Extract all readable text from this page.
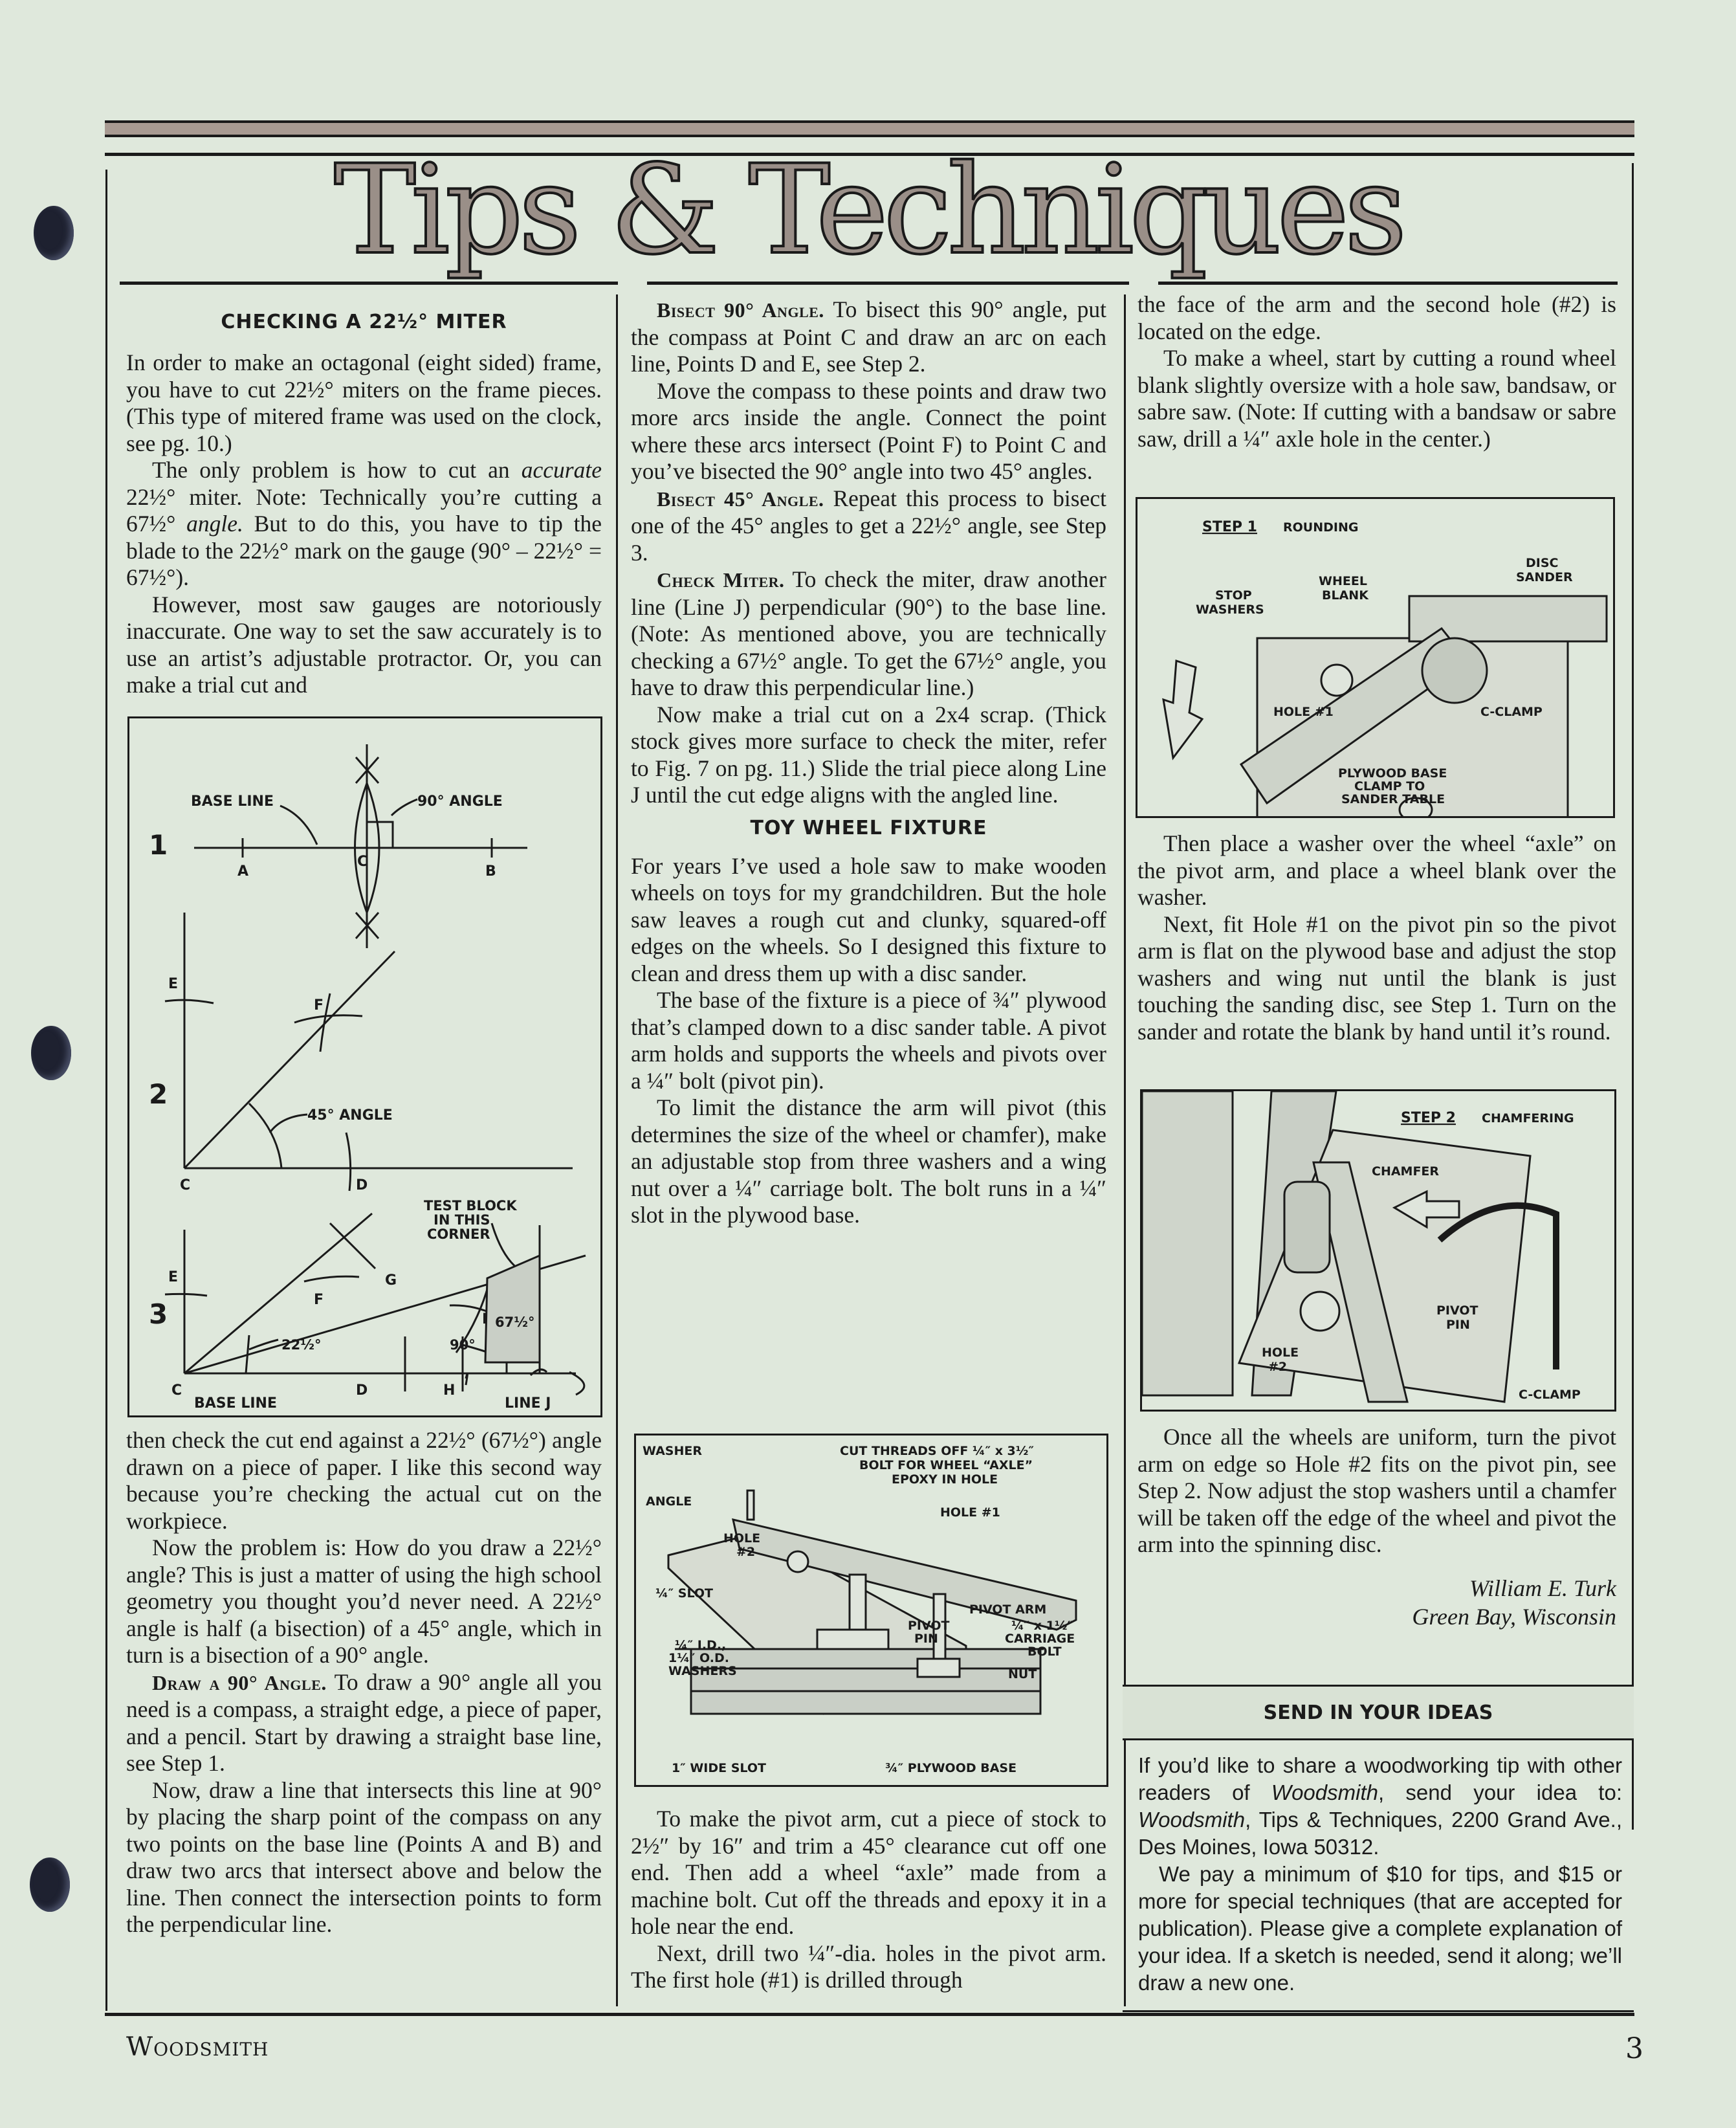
Tips & Techniques
CHECKING A 22½° MITER

In order to make an octagonal (eight sided) frame, you have to cut 22½° miters on the frame pieces. (This type of mitered frame was used on the clock, see pg. 10.)

The only problem is how to cut an accurate 22½° miter. Note: Technically you’re cutting a 67½° angle. But to do this, you have to tip the blade to the 22½° mark on the gauge (90° – 22½° = 67½°).

However, most saw gauges are notoriously inaccurate. One way to set the saw accurately is to use an artist’s adjustable protractor. Or, you can make a trial cut and

1
BASE LINE	90° ANGLE
A	B
C
2
E
F
C	D
45° ANGLE
3
E
F
G
I
C	D	H
TEST BLOCK
IN THIS
CORNER
67½°
22½°	90°
BASE LINE	LINE J

then check the cut end against a 22½° (67½°) angle drawn on a piece of paper. I like this second way because you’re checking the actual cut on the workpiece.

Now the problem is: How do you draw a 22½° angle? This is just a matter of using the high school geometry you thought you’d never need. A 22½° angle is half (a bisection) of a 45° angle, which in turn is a bisection of a 90° angle.

Draw a 90° Angle. To draw a 90° angle all you need is a compass, a straight edge, a piece of paper, and a pencil. Start by drawing a straight base line, see Step 1.

Now, draw a line that intersects this line at 90° by placing the sharp point of the compass on any two points on the base line (Points A and B) and draw two arcs that intersect above and below the line. Then connect the intersection points to form the perpendicular line.

Bisect 90° Angle. To bisect this 90° angle, put the compass at Point C and draw an arc on each line, Points D and E, see Step 2.

Move the compass to these points and draw two more arcs inside the angle. Connect the point where these arcs intersect (Point F) to Point C and you’ve bisected the 90° angle into two 45° angles.

Bisect 45° Angle. Repeat this process to bisect one of the 45° angles to get a 22½° angle, see Step 3.

Check Miter. To check the miter, draw another line (Line J) perpendicular (90°) to the base line. (Note: As mentioned above, you are technically checking a 67½° angle. To get the 67½° angle, you have to draw this perpendicular line.)

Now make a trial cut on a 2x4 scrap. (Thick stock gives more surface to check the miter, refer to Fig. 7 on pg. 11.) Slide the trial piece along Line J until the cut edge aligns with the angled line.

TOY WHEEL FIXTURE

For years I’ve used a hole saw to make wooden wheels on toys for my grandchildren. But the hole saw leaves a rough cut and clunky, squared-off edges on the wheels. So I designed this fixture to clean and dress them up with a disc sander.

The base of the fixture is a piece of ¾″ plywood that’s clamped down to a disc sander table. A pivot arm holds and supports the wheels and pivots over a ¼″ bolt (pivot pin).

To limit the distance the arm will pivot (this determines the size of the wheel or chamfer), make an adjustable stop from three washers and a wing nut over a ¼″ carriage bolt. The bolt runs in a ¼″ slot in the plywood base.

WASHER	CUT THREADS OFF ¼″ x 3½″
BOLT FOR WHEEL “AXLE”
EPOXY IN HOLE
ANGLE
HOLE #1
HOLE
#2
¼″ SLOT
PIVOT ARM
PIVOT
PIN
¼″ x 1½″
CARRIAGE
BOLT
¼″ I.D.,
1¼″ O.D.
WASHERS	NUT
1″ WIDE SLOT	¾″ PLYWOOD BASE

To make the pivot arm, cut a piece of stock to 2½″ by 16″ and trim a 45° clearance cut off one end. Then add a wheel “axle” made from a machine bolt. Cut off the threads and epoxy it in a hole near the end.

Next, drill two ¼″-dia. holes in the pivot arm. The first hole (#1) is drilled through

the face of the arm and the second hole (#2) is located on the edge.

To make a wheel, start by cutting a round wheel blank slightly oversize with a hole saw, bandsaw, or sabre saw. (Note: If cutting with a bandsaw or sabre saw, drill a ¼″ axle hole in the center.)

STEP 1 ROUNDING
DISC
SANDER
WHEEL
BLANK
STOP
WASHERS
HOLE #1	C-CLAMP
PLYWOOD BASE
CLAMP TO
SANDER TABLE

Then place a washer over the wheel “axle” on the pivot arm, and place a wheel blank over the washer.

Next, fit Hole #1 on the pivot pin so the pivot arm is flat on the plywood base and adjust the stop washers and wing nut until the blank is just touching the sanding disc, see Step 1. Turn on the sander and rotate the blank by hand until it’s round.

STEP 2 CHAMFERING
CHAMFER
PIVOT
PIN
HOLE
#2
C-CLAMP

Once all the wheels are uniform, turn the pivot arm on edge so Hole #2 fits on the pivot pin, see Step 2. Now adjust the stop washers until a chamfer will be taken off the edge of the wheel and pivot the arm into the spinning disc.

William E. Turk
Green Bay, Wisconsin
SEND IN YOUR IDEAS

If you’d like to share a woodworking tip with other readers of Woodsmith, send your idea to: Woodsmith, Tips & Techniques, 2200 Grand Ave., Des Moines, Iowa 50312.

We pay a minimum of $10 for tips, and $15 or more for special techniques (that are accepted for publication). Please give a complete explanation of your idea. If a sketch is needed, send it along; we’ll draw a new one.

Woodsmith	3
